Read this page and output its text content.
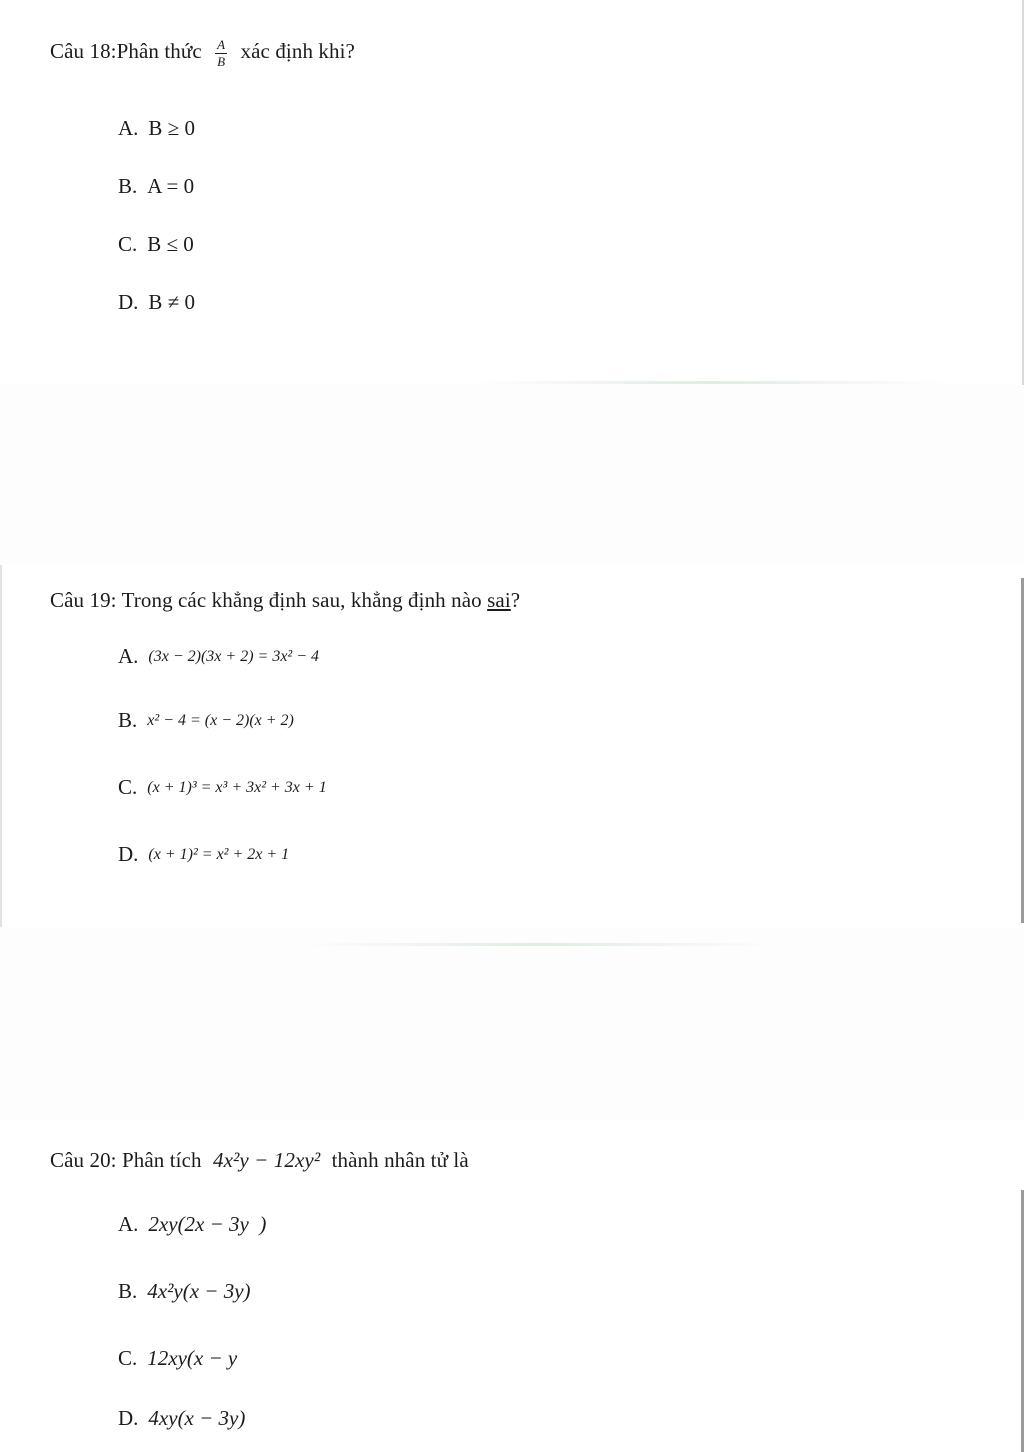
Câu 18:Phân thức $\frac{A}{B}$ xác định khi?
A. B ≥ 0
B. A = 0
C. B ≤ 0
D. B ≠ 0
Câu 19: Trong các khẳng định sau, khẳng định nào sai?
A. (3x − 2)(3x + 2) = 3x² − 4
B. x² − 4 = (x − 2)(x + 2)
C. (x + 1)³ = x³ + 3x² + 3x + 1
D. (x + 1)² = x² + 2x + 1
Câu 20: Phân tích 4x²y − 12xy² thành nhân tử là
A. 2xy(2x − 3y  )
B. 4x²y(x − 3y)
C. 12xy(x − y
D. 4xy(x − 3y)
